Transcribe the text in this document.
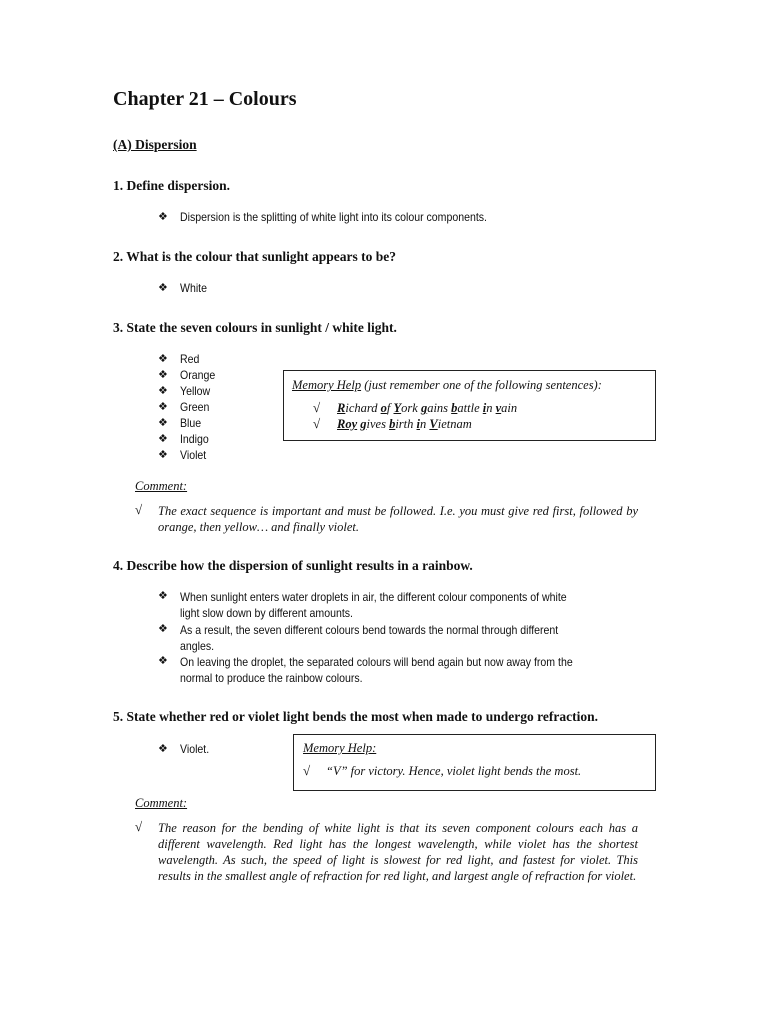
Chapter 21 – Colours
(A) Dispersion
1. Define dispersion.
❖	Dispersion is the splitting of white light into its colour components.
2. What is the colour that sunlight appears to be?
❖	White
3. State the seven colours in sunlight / white light.
❖	Red
❖	Orange
❖	Yellow
❖	Green
❖	Blue
❖	Indigo
❖	Violet
Memory Help (just remember one of the following sentences):
√ Richard of York gains battle in vain
√ Roy gives birth in Vietnam
Comment:
√ The exact sequence is important and must be followed. I.e. you must give red first, followed by orange, then yellow… and finally violet.
4. Describe how the dispersion of sunlight results in a rainbow.
❖ When sunlight enters water droplets in air, the different colour components of white
light slow down by different amounts.
❖ As a result, the seven different colours bend towards the normal through different
angles.
❖ On leaving the droplet, the separated colours will bend again but now away from the
normal to produce the rainbow colours.
5. State whether red or violet light bends the most when made to undergo refraction.
❖	Violet.	Memory Help:
√ “V” for victory. Hence, violet light bends the most.
Comment:
√ The reason for the bending of white light is that its seven component colours each has a different wavelength. Red light has the longest wavelength, while violet has the shortest wavelength. As such, the speed of light is slowest for red light, and fastest for violet. This results in the smallest angle of refraction for red light, and largest angle of refraction for violet.
